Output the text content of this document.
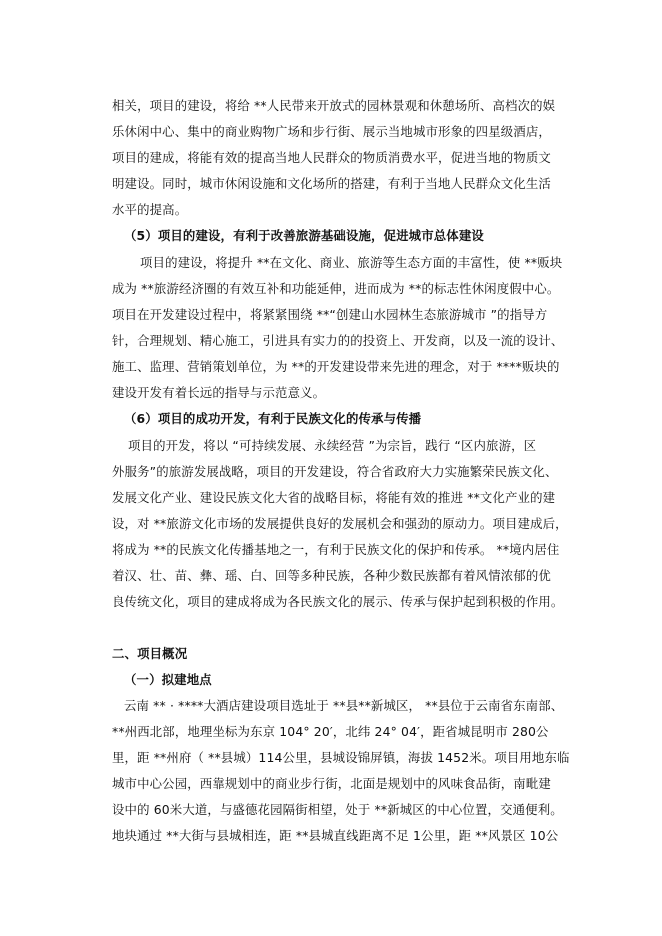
相关，项目的建设，将给 **人民带来开放式的园林景观和休憩场所、高档次的娱
乐休闲中心、集中的商业购物广场和步行街、展示当地城市形象的四星级酒店，
项目的建成，将能有效的提高当地人民群众的物质消费水平，促进当地的物质文
明建设。同时，城市休闲设施和文化场所的搭建，有利于当地人民群众文化生活
水平的提高。
（5）项目的建设，有利于改善旅游基础设施，促进城市总体建设
项目的建设，将提升 **在文化、商业、旅游等生态方面的丰富性，使 **贩块
成为 **旅游经济圈的有效互补和功能延伸，进而成为 **的标志性休闲度假中心。
项目在开发建设过程中，将紧紧围绕 **“创建山水园林生态旅游城市 ”的指导方
针，合理规划、精心施工，引进具有实力的的投资上、开发商，以及一流的设计、
施工、监理、营销策划单位，为 **的开发建设带来先进的理念，对于 ****贩块的
建设开发有着长远的指导与示范意义。
（6）项目的成功开发，有利于民族文化的传承与传播
项目的开发，将以 “可持续发展、永续经营 ”为宗旨，践行 “区内旅游，区
外服务”的旅游发展战略，项目的开发建设，符合省政府大力实施繁荣民族文化、
发展文化产业、建设民族文化大省的战略目标，将能有效的推进 **文化产业的建
设，对 **旅游文化市场的发展提供良好的发展机会和强劲的原动力。项目建成后，
将成为 **的民族文化传播基地之一，有利于民族文化的保护和传承。 **境内居住
着汉、壮、苗、彝、瑶、白、回等多种民族，各种少数民族都有着风情浓郁的优
良传统文化，项目的建成将成为各民族文化的展示、传承与保护起到积极的作用。
二、项目概况
（一）拟建地点
云南 ** · ****大酒店建设项目选址于 **县**新城区， **县位于云南省东南部、
**州西北部，地理坐标为东京 104° 20′，北纬 24° 04′，距省城昆明市 280公
里，距 **州府（ **县城）114公里，县城设锦屏镇，海拔 1452米。项目用地东临
城市中心公园，西靠规划中的商业步行街，北面是规划中的风味食品街，南毗建
设中的 60米大道，与盛德花园隔街相望，处于 **新城区的中心位置，交通便利。
地块通过 **大街与县城相连，距 **县城直线距离不足 1公里，距 **风景区 10公
